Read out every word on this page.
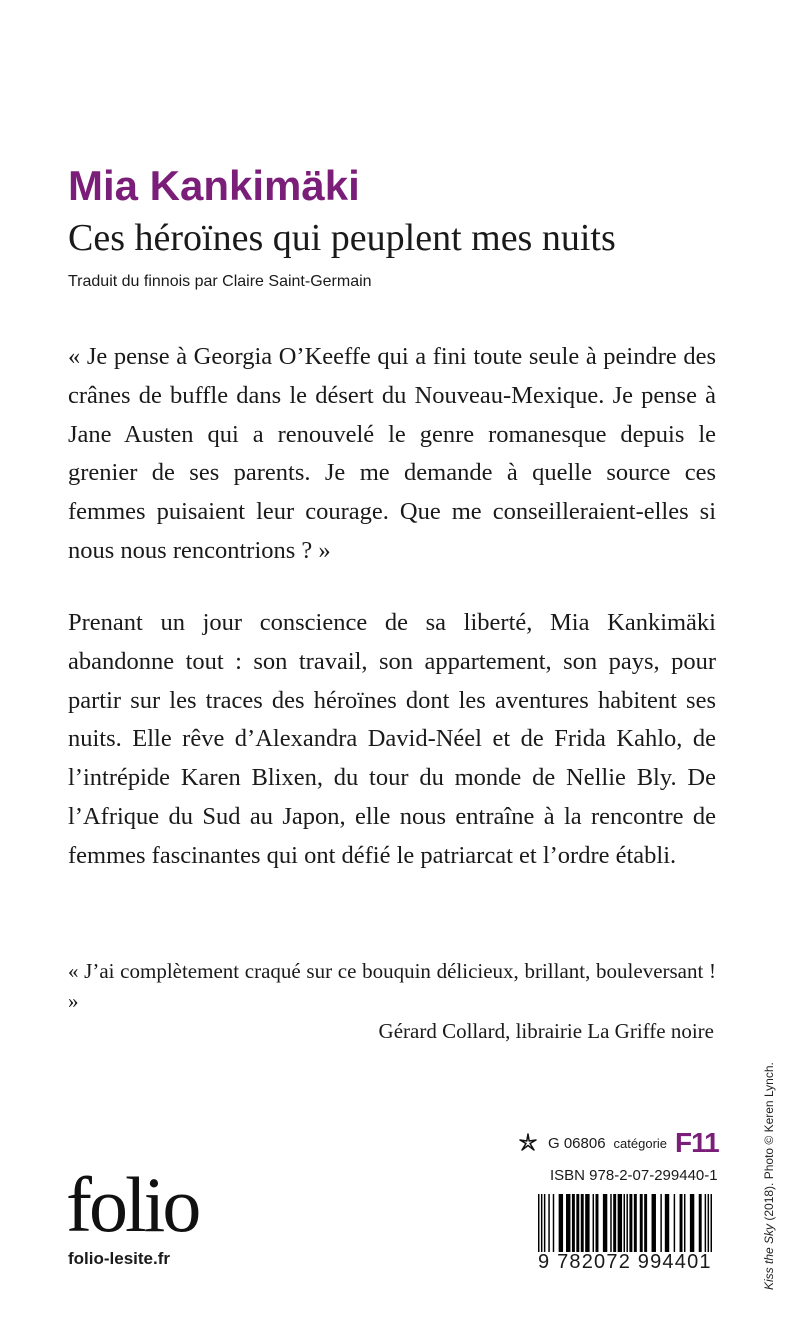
Mia Kankimäki
Ces héroïnes qui peuplent mes nuits
Traduit du finnois par Claire Saint-Germain

« Je pense à Georgia O’Keeffe qui a fini toute seule à peindre des crânes de buffle dans le désert du Nouveau-Mexique. Je pense à Jane Austen qui a renouvelé le genre romanesque depuis le grenier de ses parents. Je me demande à quelle source ces femmes puisaient leur courage. Que me conseilleraient-elles si nous nous rencontrions ? »

Prenant un jour conscience de sa liberté, Mia Kankimäki abandonne tout : son travail, son appartement, son pays, pour partir sur les traces des héroïnes dont les aventures habitent ses nuits. Elle rêve d’Alexandra David-Néel et de Frida Kahlo, de l’intrépide Karen Blixen, du tour du monde de Nellie Bly. De l’Afrique du Sud au Japon, elle nous entraîne à la rencontre de femmes fascinantes qui ont défié le patriarcat et l’ordre établi.

« J’ai complètement craqué sur ce bouquin délicieux, brillant, bouleversant ! »

Gérard Collard, librairie La Griffe noire
folio
folio-lesite.fr
G 06806 catégorie F11
ISBN 978-2-07-299440-1
9 782072 994401	Kiss the Sky (2018). Photo © Keren Lynch.
